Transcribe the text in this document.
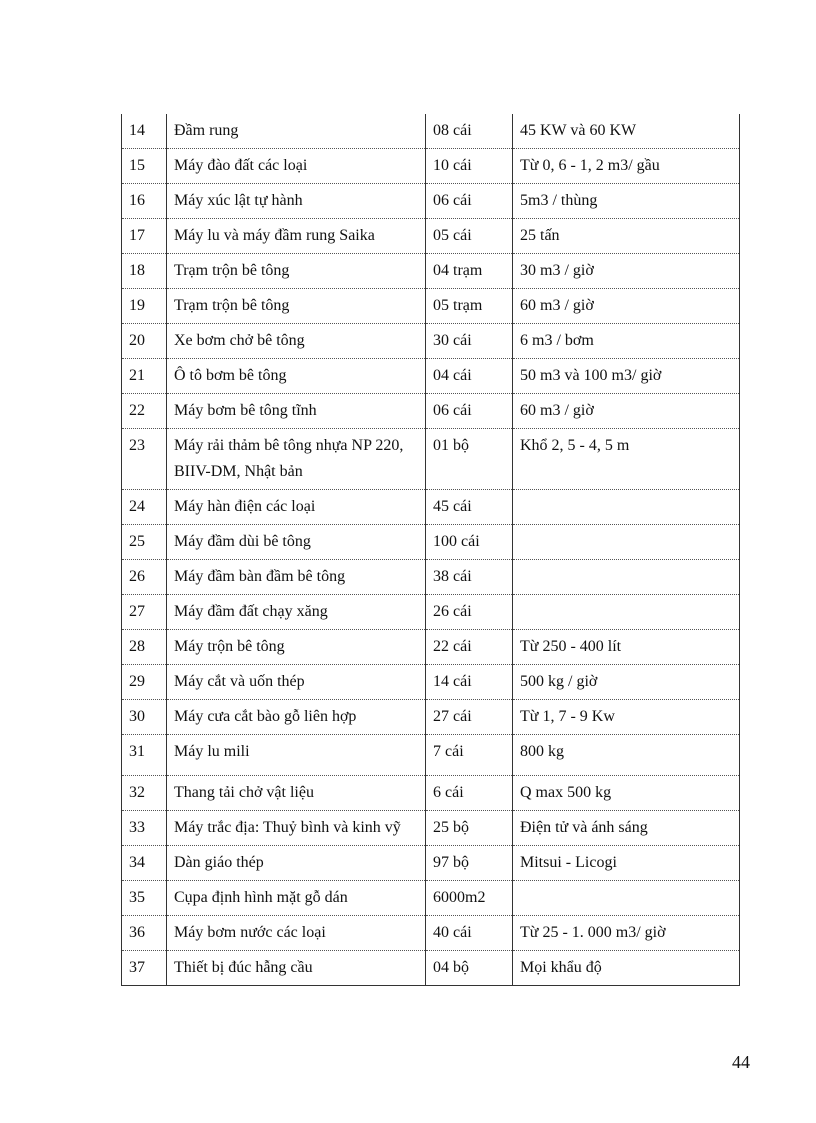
14	Đầm rung	08 cái	45 KW và 60 KW
15	Máy đào đất các loại	10 cái	Từ 0, 6 - 1, 2 m3/ gầu
16	Máy xúc lật tự hành	06 cái	5m3 / thùng
17	Máy lu và máy đầm rung Saika	05 cái	25 tấn
18	Trạm trộn bê tông	04 trạm	30 m3 / giờ
19	Trạm trộn bê tông	05 trạm	60 m3 / giờ
20	Xe bơm chở bê tông	30 cái	6 m3 / bơm
21	Ô tô bơm bê tông	04 cái	50 m3 và 100 m3/ giờ
22	Máy bơm bê tông tĩnh	06 cái	60 m3 / giờ
23	Máy rải thảm bê tông nhựa NP 220, BIIV-DM, Nhật bản	01 bộ	Khổ 2, 5 - 4, 5 m
24	Máy hàn điện các loại	45 cái	
25	Máy đầm dùi bê tông	100 cái	
26	Máy đầm bàn đầm bê tông	38 cái	
27	Máy đầm đất chạy xăng	26 cái	
28	Máy trộn bê tông	22 cái	Từ 250 - 400 lít
29	Máy cắt và uốn thép	14 cái	500 kg / giờ
30	Máy cưa cắt bào gỗ liên hợp	27 cái	Từ 1, 7 - 9 Kw
31	Máy lu mili	7 cái	800 kg
32	Thang tải chở vật liệu	6 cái	Q max 500 kg
33	Máy trắc địa: Thuỷ bình và kinh vỹ	25 bộ	Điện tử và ánh sáng
34	Dàn giáo thép	97 bộ	Mitsui - Licogi
35	Cụpa định hình mặt gỗ dán	6000m2	
36	Máy bơm nước các loại	40 cái	Từ 25 - 1. 000 m3/ giờ
37	Thiết bị đúc hẫng cầu	04 bộ	Mọi khẩu độ
44
